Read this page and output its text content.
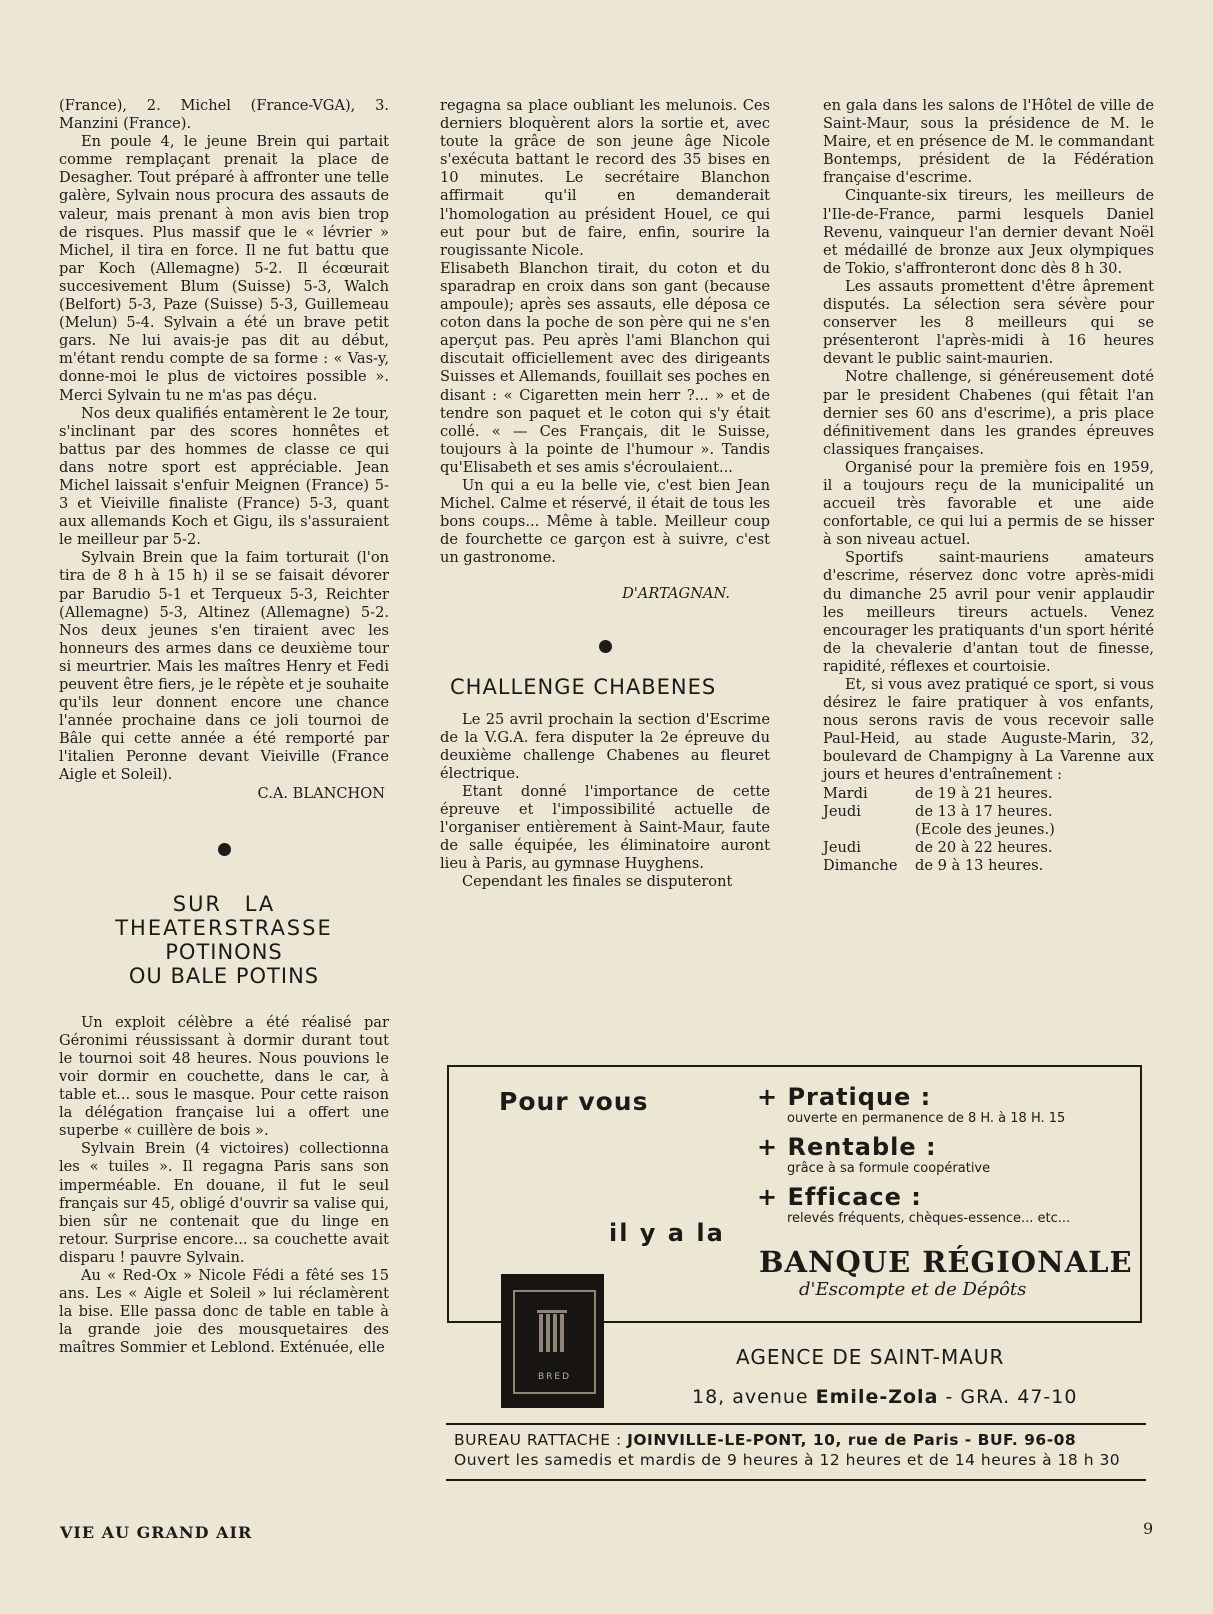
(France), 2. Michel (France-VGA), 3. Manzini (France).

En poule 4, le jeune Brein qui partait comme remplaçant prenait la place de Desagher. Tout préparé à affronter une telle galère, Sylvain nous procura des assauts de valeur, mais prenant à mon avis bien trop de risques. Plus massif que le « lévrier » Michel, il tira en force. Il ne fut battu que par Koch (Allemagne) 5-2. Il écœurait succesivement Blum (Suisse) 5-3, Walch (Belfort) 5-3, Paze (Suisse) 5-3, Guillemeau (Melun) 5-4. Sylvain a été un brave petit gars. Ne lui avais-je pas dit au début, m'étant rendu compte de sa forme : « Vas-y, donne-moi le plus de victoires possible ». Merci Sylvain tu ne m'as pas déçu.

Nos deux qualifiés entamèrent le 2e tour, s'inclinant par des scores honnêtes et battus par des hommes de classe ce qui dans notre sport est appréciable. Jean Michel laissait s'enfuir Meignen (France) 5-3 et Vieiville finaliste (France) 5-3, quant aux allemands Koch et Gigu, ils s'assuraient le meilleur par 5-2.

Sylvain Brein que la faim torturait (l'on tira de 8 h à 15 h) il se se faisait dévorer par Barudio 5-1 et Terqueux 5-3, Reichter (Allemagne) 5-3, Altinez (Allemagne) 5-2. Nos deux jeunes s'en tiraient avec les honneurs des armes dans ce deuxième tour si meurtrier. Mais les maîtres Henry et Fedi peuvent être fiers, je le répète et je souhaite qu'ils leur donnent encore une chance l'année prochaine dans ce joli tournoi de Bâle qui cette année a été remporté par l'italien Peronne devant Vieiville (France Aigle et Soleil).

C.A. BLANCHON

SUR LA THEATERSTRASSE
POTINONS
OU BALE POTINS

Un exploit célèbre a été réalisé par Géronimi réussissant à dormir durant tout le tournoi soit 48 heures. Nous pouvions le voir dormir en couchette, dans le car, à table et... sous le masque. Pour cette raison la délégation française lui a offert une superbe « cuillère de bois ».

Sylvain Brein (4 victoires) collectionna les « tuiles ». Il regagna Paris sans son imperméable. En douane, il fut le seul français sur 45, obligé d'ouvrir sa valise qui, bien sûr ne contenait que du linge en retour. Surprise encore... sa couchette avait disparu ! pauvre Sylvain.

Au « Red-Ox » Nicole Fédi a fêté ses 15 ans. Les « Aigle et Soleil » lui réclamèrent la bise. Elle passa donc de table en table à la grande joie des mousquetaires des maîtres Sommier et Leblond. Exténuée, elle

regagna sa place oubliant les melunois. Ces derniers bloquèrent alors la sortie et, avec toute la grâce de son jeune âge Nicole s'exécuta battant le record des 35 bises en 10 minutes. Le secrétaire Blanchon affirmait qu'il en demanderait l'homologation au président Houel, ce qui eut pour but de faire, enfin, sourire la rougissante Nicole.

Elisabeth Blanchon tirait, du coton et du sparadrap en croix dans son gant (because ampoule); après ses assauts, elle déposa ce coton dans la poche de son père qui ne s'en aperçut pas. Peu après l'ami Blanchon qui discutait officiellement avec des dirigeants Suisses et Allemands, fouillait ses poches en disant : « Cigaretten mein herr ?... » et de tendre son paquet et le coton qui s'y était collé. « — Ces Français, dit le Suisse, toujours à la pointe de l'humour ». Tandis qu'Elisabeth et ses amis s'écroulaient...

Un qui a eu la belle vie, c'est bien Jean Michel. Calme et réservé, il était de tous les bons coups... Même à table. Meilleur coup de fourchette ce garçon est à suivre, c'est un gastronome.

D'ARTAGNAN.

CHALLENGE CHABENES

Le 25 avril prochain la section d'Escrime de la V.G.A. fera disputer la 2e épreuve du deuxième challenge Chabenes au fleuret électrique.

Etant donné l'importance de cette épreuve et l'impossibilité actuelle de l'organiser entièrement à Saint-Maur, faute de salle équipée, les éliminatoire auront lieu à Paris, au gymnase Huyghens.

Cependant les finales se disputeront

en gala dans les salons de l'Hôtel de ville de Saint-Maur, sous la présidence de M. le Maire, et en présence de M. le commandant Bontemps, président de la Fédération française d'escrime.

Cinquante-six tireurs, les meilleurs de l'Ile-de-France, parmi lesquels Daniel Revenu, vainqueur l'an dernier devant Noël et médaillé de bronze aux Jeux olympiques de Tokio, s'affronteront donc dès 8 h 30.

Les assauts promettent d'être âprement disputés. La sélection sera sévère pour conserver les 8 meilleurs qui se présenteront l'après-midi à 16 heures devant le public saint-maurien.

Notre challenge, si généreusement doté par le president Chabenes (qui fêtait l'an dernier ses 60 ans d'escrime), a pris place définitivement dans les grandes épreuves classiques françaises.

Organisé pour la première fois en 1959, il a toujours reçu de la municipalité un accueil très favorable et une aide confortable, ce qui lui a permis de se hisser à son niveau actuel.

Sportifs saint-mauriens amateurs d'escrime, réservez donc votre après-midi du dimanche 25 avril pour venir applaudir les meilleurs tireurs actuels. Venez encourager les pratiquants d'un sport hérité de la chevalerie d'antan tout de finesse, rapidité, réflexes et courtoisie.

Et, si vous avez pratiqué ce sport, si vous désirez le faire pratiquer à vos enfants, nous serons ravis de vous recevoir salle Paul-Heid, au stade Auguste-Marin, 32, boulevard de Champigny à La Varenne aux jours et heures d'entraînement :

Mardi	de 19 à 21 heures.
Jeudi	de 13 à 17 heures.
	(Ecole des jeunes.)
Jeudi	de 20 à 22 heures.
Dimanche	de 9 à 13 heures.
Pour vous	+ Pratique :
ouverte en permanence de 8 H. à 18 H. 15
+ Rentable :
grâce à sa formule coopérative
+ Efficace :
relevés fréquents, chèques-essence... etc...
il y a la
BANQUE RÉGIONALE
d'Escompte et de Dépôts
BRED
AGENCE DE SAINT-MAUR
18, avenue Emile-Zola - GRA. 47-10
BUREAU RATTACHE : JOINVILLE-LE-PONT, 10, rue de Paris - BUF. 96-08
Ouvert les samedis et mardis de 9 heures à 12 heures et de 14 heures à 18 h 30
VIE AU GRAND AIR	9
